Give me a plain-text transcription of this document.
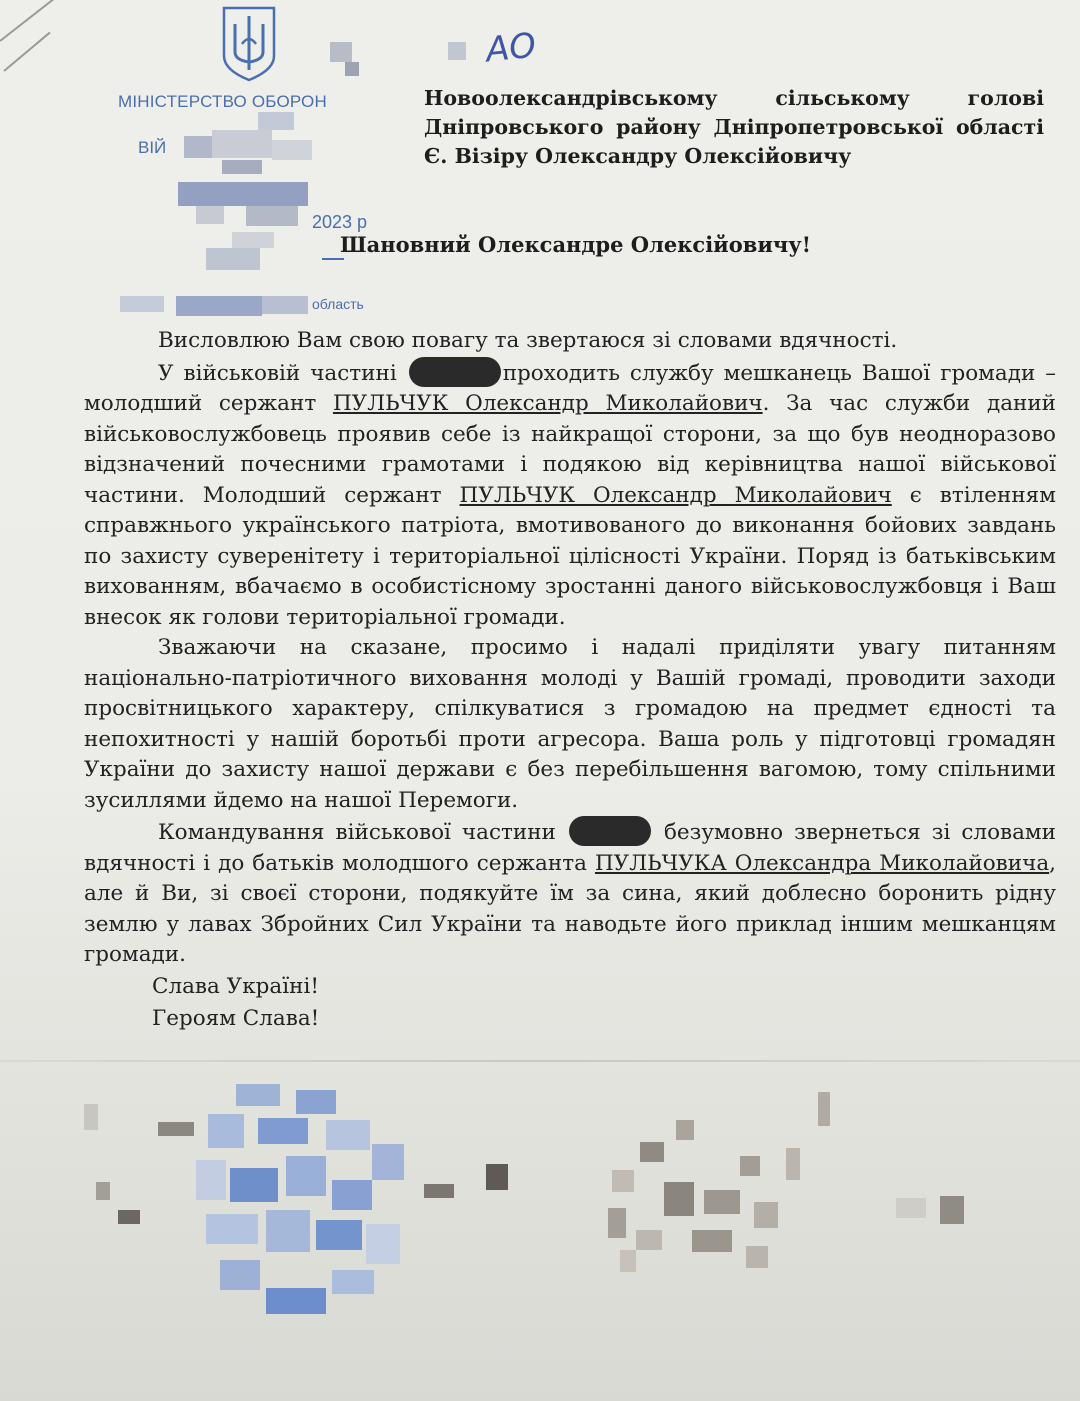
МІНІСТЕРСТВО ОБОРОН
ВІЙ
2023 р
область
АО
Новоолександрівському сільському голові
Дніпровського району Дніпропетровської області
Є. Візіру Олександру Олексійовичу
Шановний Олександре Олексійовичу!

Висловлюю Вам свою повагу та звертаюся зі словами вдячності.

У військовій частині	проходить службу мешканець Вашої громади – молодший сержант ПУЛЬЧУК Олександр Миколайович. За час служби даний військовослужбовець проявив себе із найкращої сторони, за що був неодноразово відзначений почесними грамотами і подякою від керівництва нашої військової частини. Молодший сержант ПУЛЬЧУК Олександр Миколайович є втіленням справжнього українського патріота, вмотивованого до виконання бойових завдань по захисту суверенітету і територіальної цілісності України. Поряд із батьківським вихованням, вбачаємо в особистісному зростанні даного військовослужбовця і Ваш внесок як голови територіальної громади.

Зважаючи на сказане, просимо і надалі приділяти увагу питанням національно-патріотичного виховання молоді у Вашій громаді, проводити заходи просвітницького характеру, спілкуватися з громадою на предмет єдності та непохитності у нашій боротьбі проти агресора. Ваша роль у підготовці громадян України до захисту нашої держави є без перебільшення вагомою, тому спільними зусиллями йдемо на нашої Перемоги.

Командування військової частини	безумовно звернеться зі словами вдячності і до батьків молодшого сержанта ПУЛЬЧУКА Олександра Миколайовича, але й Ви, зі своєї сторони, подякуйте їм за сина, який доблесно боронить рідну землю у лавах Збройних Сил України та наводьте його приклад іншим мешканцям громади.

Слава Україні!

Героям Слава!
